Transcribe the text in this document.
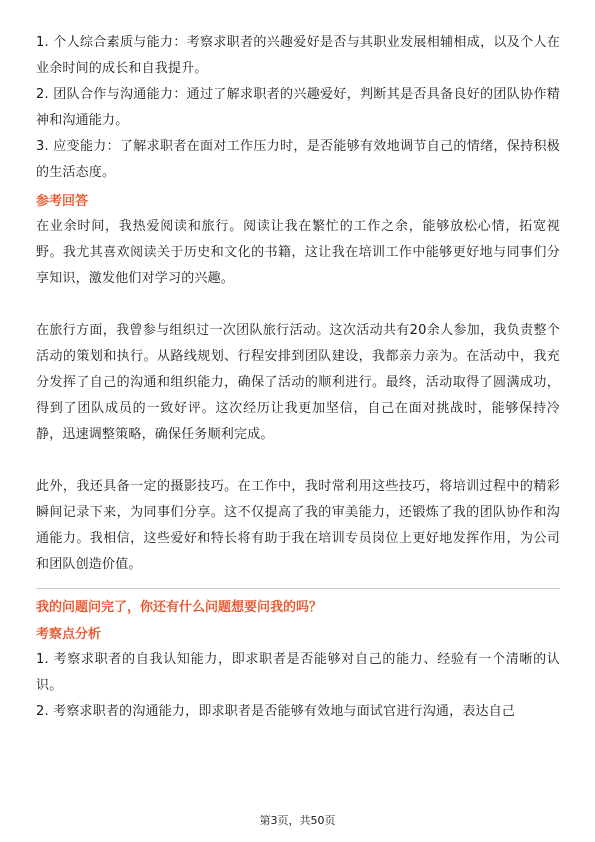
1. 个人综合素质与能力：考察求职者的兴趣爱好是否与其职业发展相辅相成，以及个人在业余时间的成长和自我提升。

2. 团队合作与沟通能力：通过了解求职者的兴趣爱好，判断其是否具备良好的团队协作精神和沟通能力。

3. 应变能力：了解求职者在面对工作压力时，是否能够有效地调节自己的情绪，保持积极的生活态度。

参考回答

在业余时间，我热爱阅读和旅行。阅读让我在繁忙的工作之余，能够放松心情，拓宽视野。我尤其喜欢阅读关于历史和文化的书籍，这让我在培训工作中能够更好地与同事们分享知识，激发他们对学习的兴趣。

在旅行方面，我曾参与组织过一次团队旅行活动。这次活动共有20余人参加，我负责整个活动的策划和执行。从路线规划、行程安排到团队建设，我都亲力亲为。在活动中，我充分发挥了自己的沟通和组织能力，确保了活动的顺利进行。最终，活动取得了圆满成功，得到了团队成员的一致好评。这次经历让我更加坚信，自己在面对挑战时，能够保持冷静，迅速调整策略，确保任务顺利完成。

此外，我还具备一定的摄影技巧。在工作中，我时常利用这些技巧，将培训过程中的精彩瞬间记录下来，为同事们分享。这不仅提高了我的审美能力，还锻炼了我的团队协作和沟通能力。我相信，这些爱好和特长将有助于我在培训专员岗位上更好地发挥作用，为公司和团队创造价值。

我的问题问完了，你还有什么问题想要问我的吗？

考察点分析

1. 考察求职者的自我认知能力，即求职者是否能够对自己的能力、经验有一个清晰的认识。

2. 考察求职者的沟通能力，即求职者是否能够有效地与面试官进行沟通，表达自己

第3页，共50页
